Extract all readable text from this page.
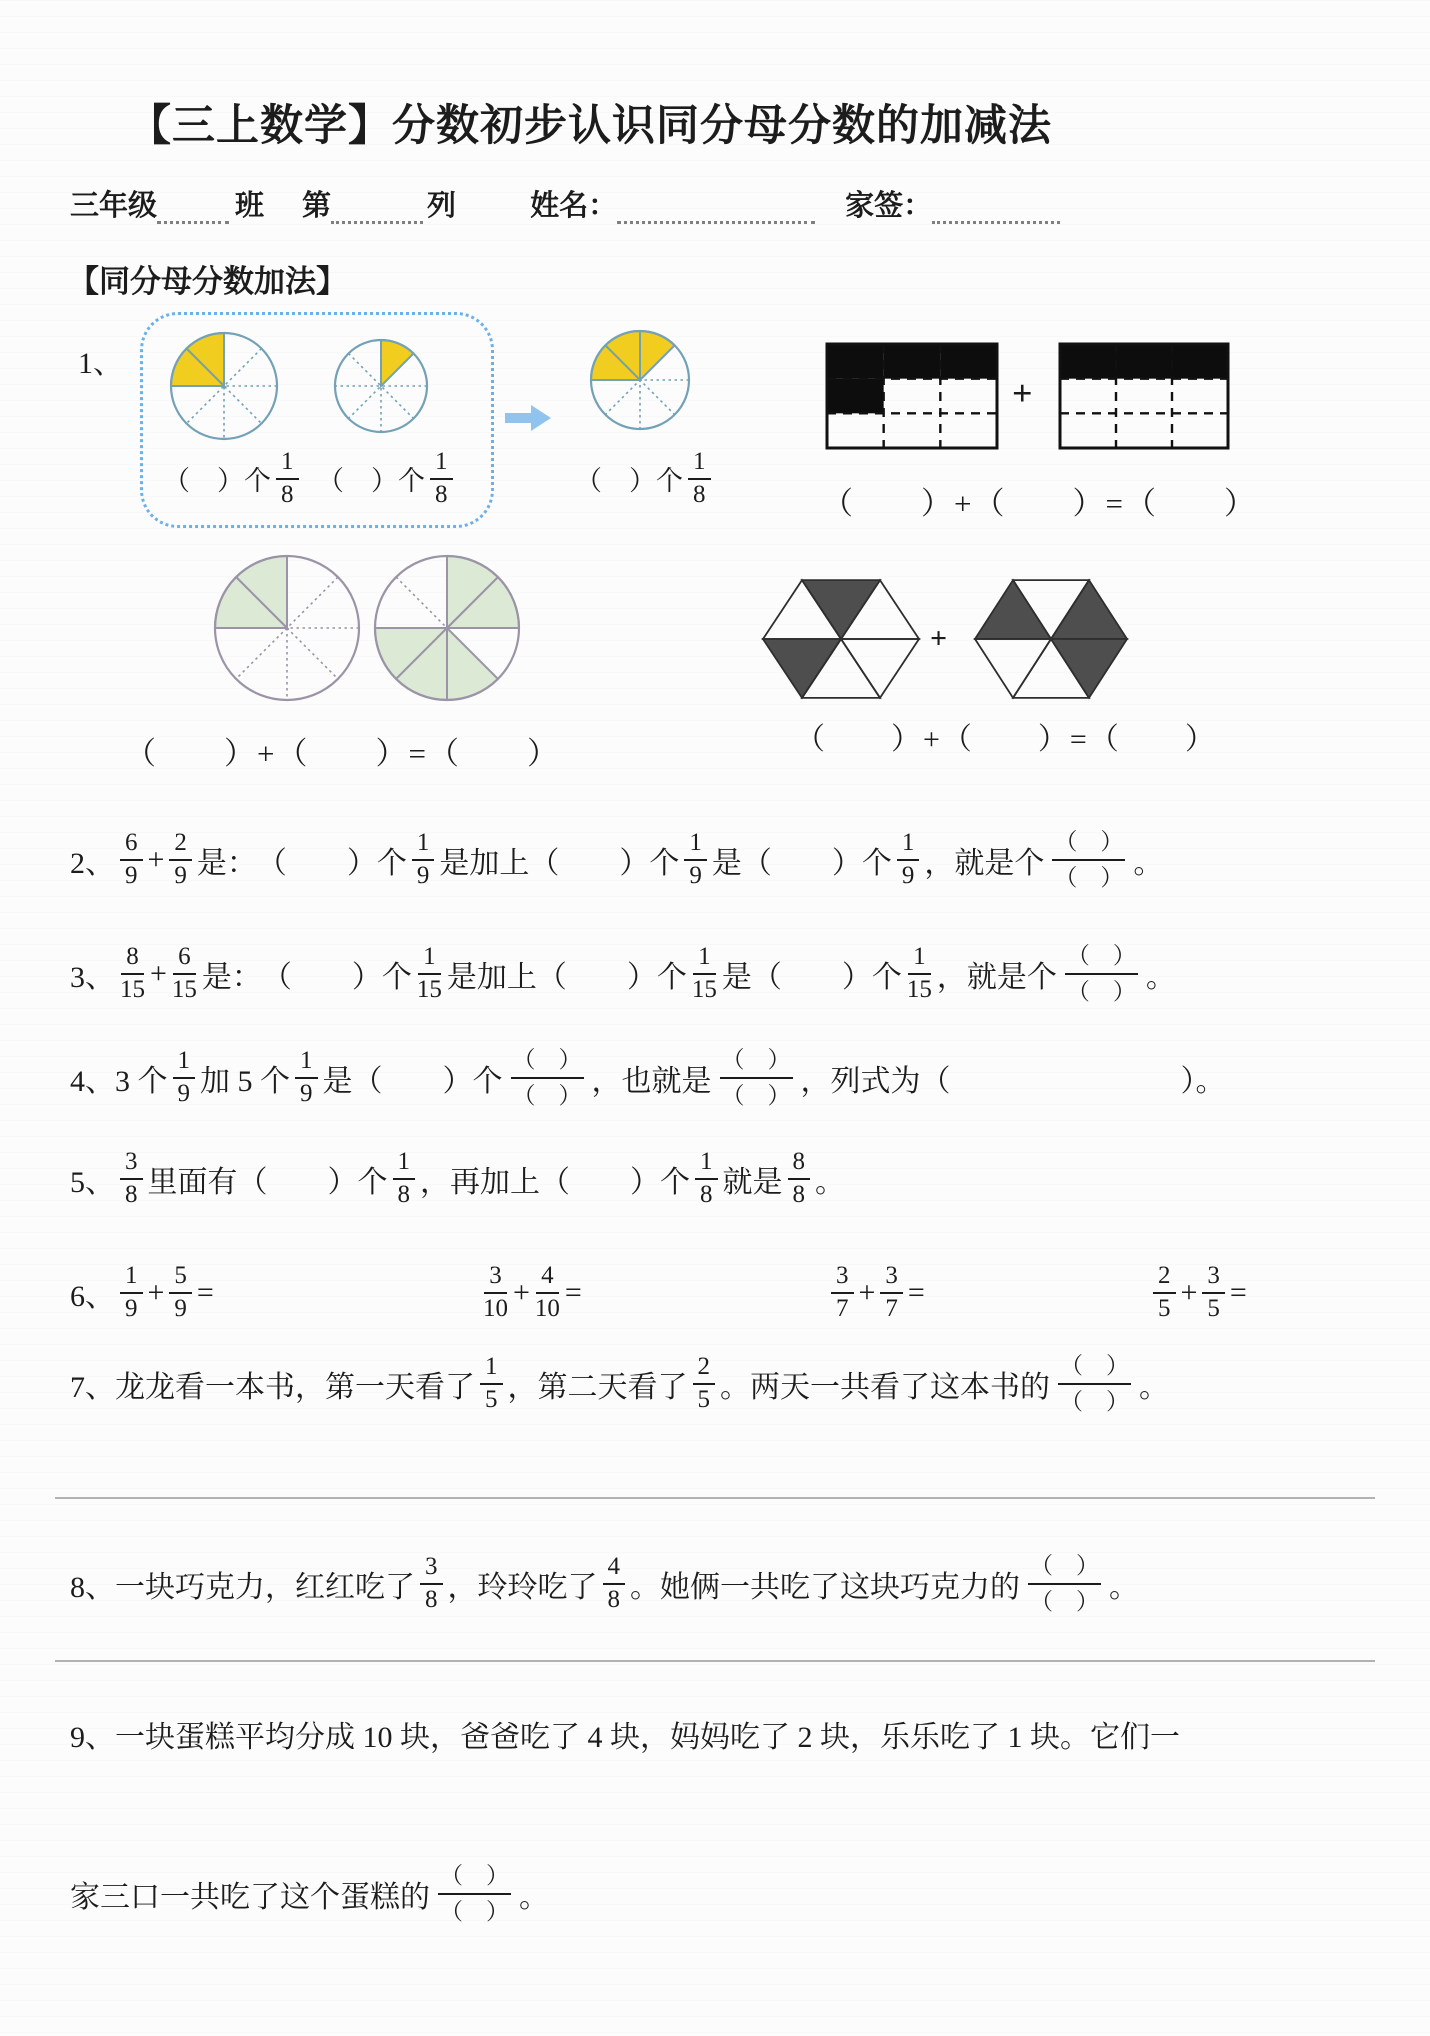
【三上数学】分数初步认识同分母分数的加减法
三年级	班 第	列	姓名：	家签：
【同分母分数加法】
1、
（　）个 $\frac{1}{8}$ （　）个 $\frac{1}{8}$	（　）个 $\frac{1}{8}$
+
（　　）+（　　）=（　　）
（　　）+（　　）=（　　）
+
（　　）+（　　）=（　　）
2、 $\frac{6}{9} + \frac{2}{9}$ 是：　（　　）个 $\frac{1}{9}$ 是加上（　　）个 $\frac{1}{9}$ 是（　　）个 $\frac{1}{9}$ ，就是个
（　）
（　） 。
3、 $\frac{8}{15} + \frac{6}{15}$ 是：　（　　）个 $\frac{1}{15}$ 是加上（　　）个 $\frac{1}{15}$ 是（　　）个 $\frac{1}{15}$ ，就是个
（　）
（　） 。
4、3 个 $\frac{1}{9}$ 加 5 个 $\frac{1}{9}$ 是（　　）个
（　）
（　） ，也就是
（　）
（　） ，列式为（	）。
5、 $\frac{3}{8}$ 里面有（　　）个 $\frac{1}{8}$ ，再加上（　　）个 $\frac{1}{8}$ 就是 $\frac{8}{8}$ 。
6、 $\frac{1}{9} + \frac{5}{9}$ =	$\frac{3}{10} + \frac{4}{10}$ =	$\frac{3}{7} + \frac{3}{7}$ =	$\frac{2}{5} + \frac{3}{5}$ =
7、龙龙看一本书，第一天看了 $\frac{1}{5}$ ，第二天看了 $\frac{2}{5}$ 。两天一共看了这本书的
（　）
（　） 。
8、一块巧克力，红红吃了 $\frac{3}{8}$ ，玲玲吃了 $\frac{4}{8}$ 。她俩一共吃了这块巧克力的
（　）
（　） 。
9、一块蛋糕平均分成 10 块，爸爸吃了 4 块，妈妈吃了 2 块，乐乐吃了 1 块。它们一
家三口一共吃了这个蛋糕的
（　）
（　） 。
